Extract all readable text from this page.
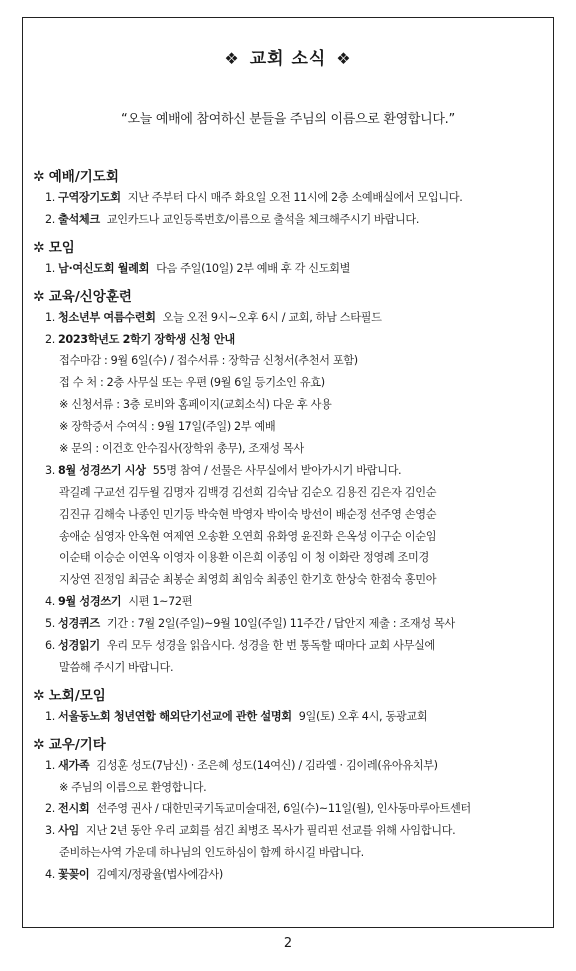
❖ 교회 소식 ❖
“오늘 예배에 참여하신 분들을 주님의 이름으로 환영합니다.”
✲ 예배/기도회
1. 구역장기도회 지난 주부터 다시 매주 화요일 오전 11시에 2층 소예배실에서 모입니다.
2. 출석체크 교인카드나 교인등록번호/이름으로 출석을 체크해주시기 바랍니다.
✲ 모임
1. 남·여신도회 월례회 다음 주일(10일) 2부 예배 후 각 신도회별
✲ 교육/신앙훈련
1. 청소년부 여름수련회 오늘 오전 9시~오후 6시 / 교회, 하남 스타필드
2. 2023학년도 2학기 장학생 신청 안내
접수마감 : 9월 6일(수) / 접수서류 : 장학금 신청서(추천서 포함)
접 수 처 : 2층 사무실 또는 우편 (9월 6일 등기소인 유효)
※ 신청서류 : 3층 로비와 홈페이지(교회소식) 다운 후 사용
※ 장학증서 수여식 : 9월 17일(주일) 2부 예배
※ 문의 : 이건호 안수집사(장학위 총무), 조재성 목사
3. 8월 성경쓰기 시상 55명 참여 / 선물은 사무실에서 받아가시기 바랍니다.
곽길례 구교선 김두월 김명자 김백경 김선희 김숙남 김순오 김용진 김은자 김인순
김진규 김해숙 나종인 민기등 박숙현 박영자 박이숙 방선이 배순정 선주영 손영순
송애순 심영자 안옥현 여제연 오송환 오연희 유화영 윤진화 은옥성 이구순 이순임
이순태 이승순 이연옥 이영자 이용환 이은희 이종임 이 청 이화란 정영례 조미경
지상연 진정임 최금순 최봉순 최영희 최임숙 최종인 한기호 한상숙 한점숙 홍민아
4. 9월 성경쓰기 시편 1~72편
5. 성경퀴즈 기간 : 7월 2일(주일)~9월 10일(주일) 11주간 / 답안지 제출 : 조재성 목사
6. 성경읽기 우리 모두 성경을 읽읍시다. 성경을 한 번 통독할 때마다 교회 사무실에
말씀해 주시기 바랍니다.
✲ 노회/모임
1. 서울동노회 청년연합 해외단기선교에 관한 설명회 9일(토) 오후 4시, 동광교회
✲ 교우/기타
1. 새가족 김성훈 성도(7남신) · 조은혜 성도(14여신) / 김라엘 · 김이레(유아유치부)
※ 주님의 이름으로 환영합니다.
2. 전시회 선주영 권사 / 대한민국기독교미술대전, 6일(수)~11일(월), 인사동마루아트센터
3. 사임 지난 2년 동안 우리 교회를 섬긴 최병조 목사가 필리핀 선교를 위해 사임합니다.
준비하는사역 가운데 하나님의 인도하심이 함께 하시길 바랍니다.
4. 꽃꽂이 김예지/정광율(법사에감사)
2
